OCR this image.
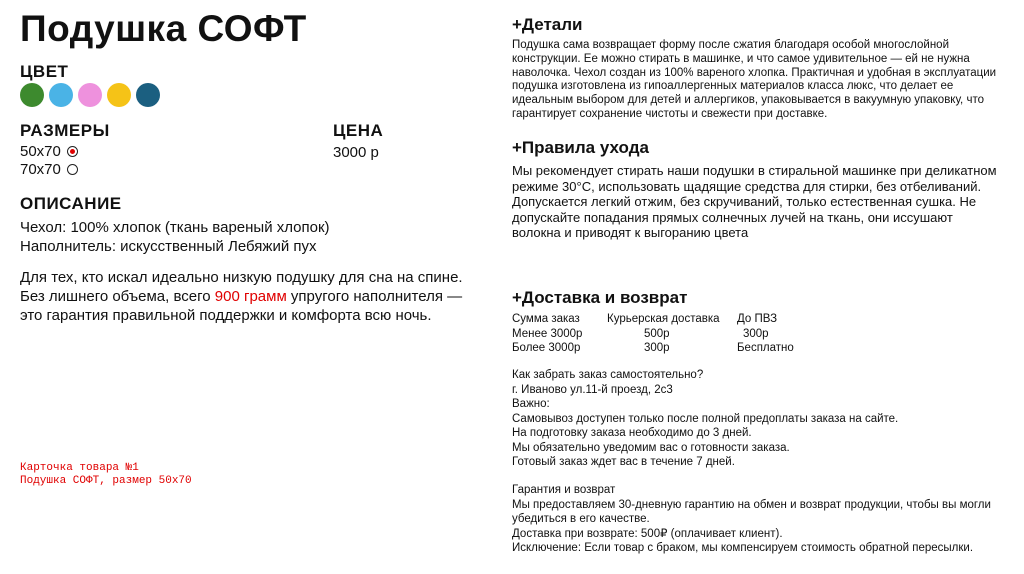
Подушка СОФТ
ЦВЕТ
РАЗМЕРЫ
50x70
70x70
ЦЕНА
3000 р
ОПИСАНИЕ
Чехол: 100% хлопок (ткань вареный хлопок)
Наполнитель: искусственный Лебяжий пух
Для тех, кто искал идеально низкую подушку для сна на спине.
Без лишнего объема, всего 900 грамм упругого наполнителя —
это гарантия правильной поддержки и комфорта всю ночь.
Карточка товара №1
Подушка СОФТ, размер 50x70
+Детали
Подушка сама возвращает форму после сжатия благодаря особой многослойной конструкции. Ее можно стирать в машинке, и что самое удивительное — ей не нужна наволочка. Чехол создан из 100% вареного хлопка. Практичная и удобная в эксплуатации подушка изготовлена из гипоаллергенных материалов класса люкс, что делает ее идеальным выбором для детей и аллергиков, упаковывается в вакуумную упаковку, что гарантирует сохранение чистоты и свежести при доставке.
+Правила ухода
Мы рекомендует стирать наши подушки в стиральной машинке при деликатном режиме 30°С, использовать щадящие средства для стирки, без отбеливаний. Допускается легкий отжим, без скручиваний, только естественная сушка. Не допускайте попадания прямых солнечных лучей на ткань, они иссушают волокна и приводят к выгоранию цвета
+Доставка и возврат
Сумма заказ	Курьерская доставка	До ПВЗ
Менее 3000р	500р	300р
Более 3000р	300р	Бесплатно
Как забрать заказ самостоятельно?
г. Иваново ул.11-й проезд, 2с3
Важно:
Самовывоз доступен только после полной предоплаты заказа на сайте.
На подготовку заказа необходимо до 3 дней.
Мы обязательно уведомим вас о готовности заказа.
Готовый заказ ждет вас в течение 7 дней.
Гарантия и возврат
Мы предоставляем 30-дневную гарантию на обмен и возврат продукции, чтобы вы могли убедиться в его качестве.
Доставка при возврате: 500₽ (оплачивает клиент).
Исключение: Если товар с браком, мы компенсируем стоимость обратной пересылки.
